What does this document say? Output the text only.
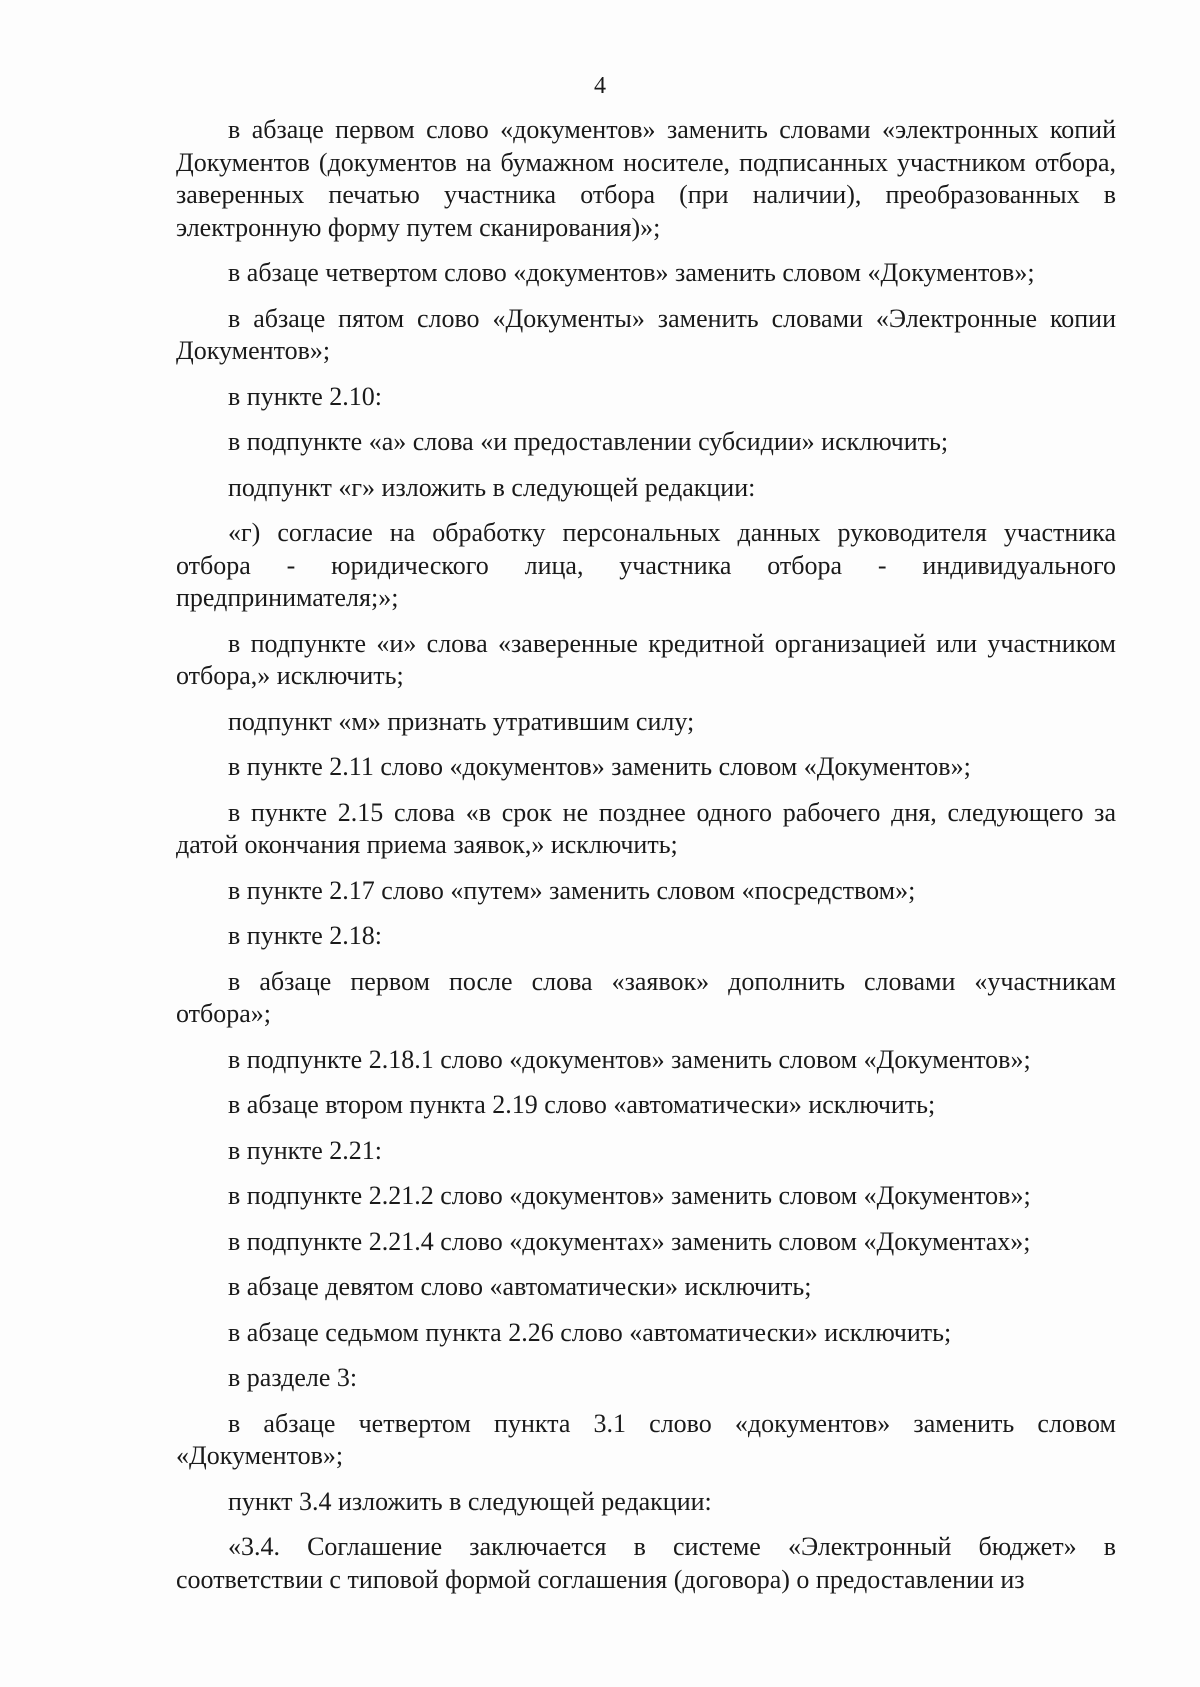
4

в абзаце первом слово «документов» заменить словами «электронных копий Документов (документов на бумажном носителе, подписанных участником отбора, заверенных печатью участника отбора (при наличии), преобразованных в электронную форму путем сканирования)»;

в абзаце четвертом слово «документов» заменить словом «Документов»;

в абзаце пятом слово «Документы» заменить словами «Электронные копии Документов»;

в пункте 2.10:

в подпункте «а» слова «и предоставлении субсидии» исключить;

подпункт «г» изложить в следующей редакции:

«г) согласие на обработку персональных данных руководителя участника отбора - юридического лица, участника отбора - индивидуального предпринимателя;»;

в подпункте «и» слова «заверенные кредитной организацией или участником отбора,» исключить;

подпункт «м» признать утратившим силу;

в пункте 2.11 слово «документов» заменить словом «Документов»;

в пункте 2.15 слова «в срок не позднее одного рабочего дня, следующего за датой окончания приема заявок,» исключить;

в пункте 2.17 слово «путем» заменить словом «посредством»;

в пункте 2.18:

в абзаце первом после слова «заявок» дополнить словами «участникам отбора»;

в подпункте 2.18.1 слово «документов» заменить словом «Документов»;

в абзаце втором пункта 2.19 слово «автоматически» исключить;

в пункте 2.21:

в подпункте 2.21.2 слово «документов» заменить словом «Документов»;

в подпункте 2.21.4 слово «документах» заменить словом «Документах»;

в абзаце девятом слово «автоматически» исключить;

в абзаце седьмом пункта 2.26 слово «автоматически» исключить;

в разделе 3:

в абзаце четвертом пункта 3.1 слово «документов» заменить словом «Документов»;

пункт 3.4 изложить в следующей редакции:

«3.4. Соглашение заключается в системе «Электронный бюджет» в соответствии с типовой формой соглашения (договора) о предоставлении из
